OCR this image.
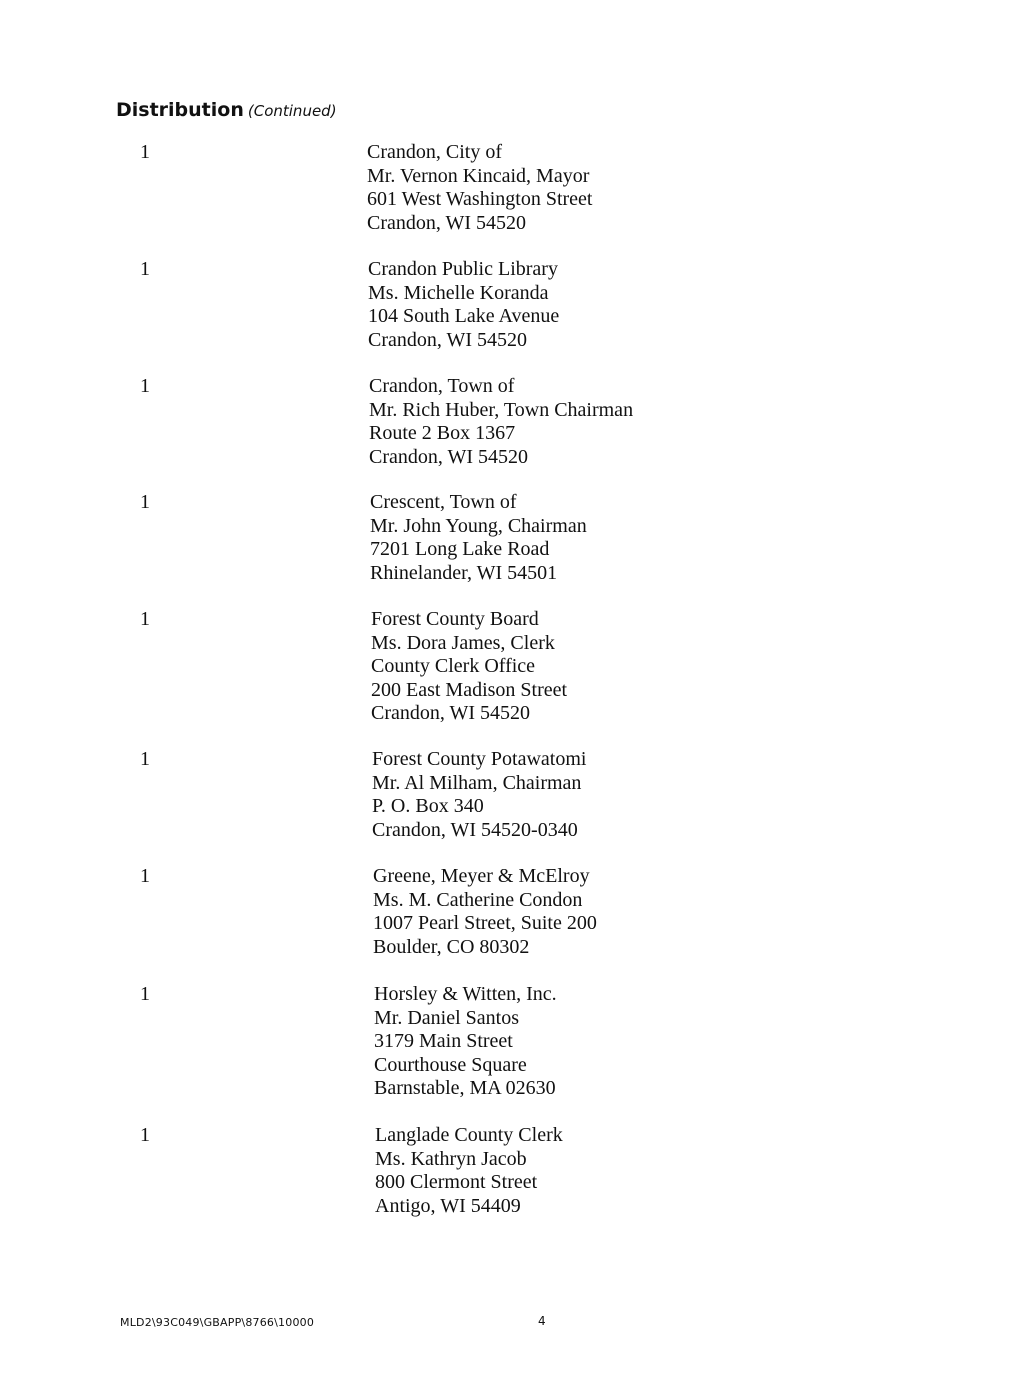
Distribution (Continued)
1	Crandon, City of
Mr. Vernon Kincaid, Mayor
601 West Washington Street
Crandon, WI 54520
1	Crandon Public Library
Ms. Michelle Koranda
104 South Lake Avenue
Crandon, WI 54520
1	Crandon, Town of
Mr. Rich Huber, Town Chairman
Route 2 Box 1367
Crandon, WI 54520
1	Crescent, Town of
Mr. John Young, Chairman
7201 Long Lake Road
Rhinelander, WI 54501
1	Forest County Board
Ms. Dora James, Clerk
County Clerk Office
200 East Madison Street
Crandon, WI 54520
1	Forest County Potawatomi
Mr. Al Milham, Chairman
P. O. Box 340
Crandon, WI 54520-0340
1	Greene, Meyer & McElroy
Ms. M. Catherine Condon
1007 Pearl Street, Suite 200
Boulder, CO 80302
1	Horsley & Witten, Inc.
Mr. Daniel Santos
3179 Main Street
Courthouse Square
Barnstable, MA 02630
1	Langlade County Clerk
Ms. Kathryn Jacob
800 Clermont Street
Antigo, WI 54409
MLD2\93C049\GBAPP\8766\10000	4
